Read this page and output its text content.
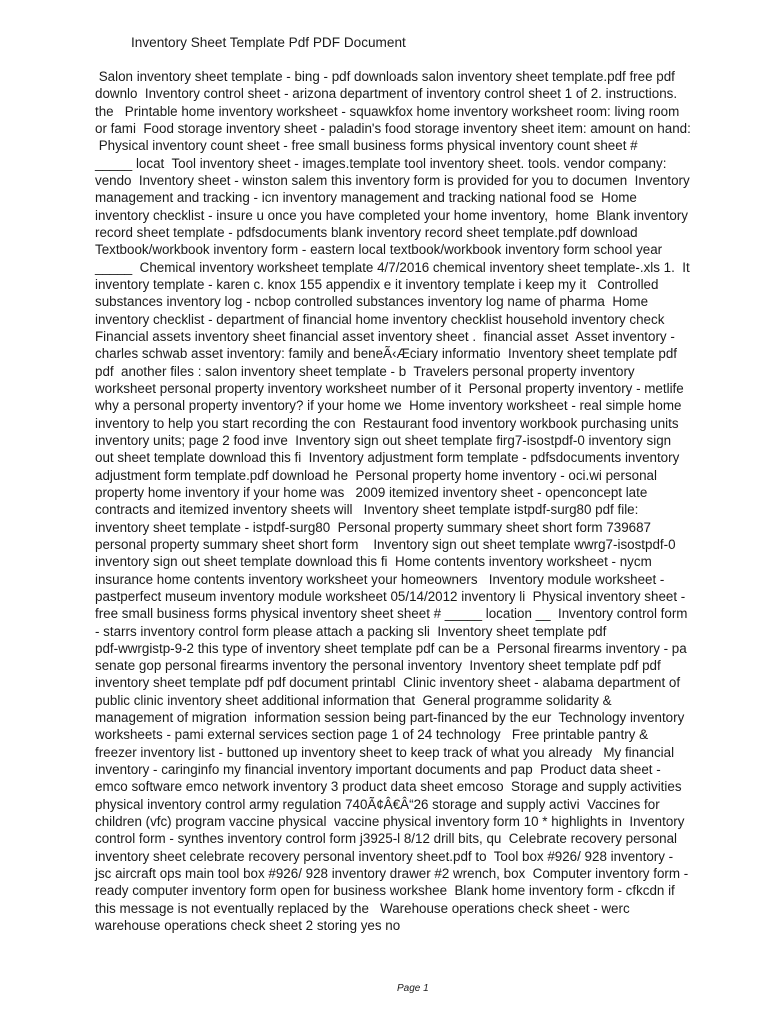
Inventory Sheet Template Pdf PDF Document
Salon inventory sheet template - bing - pdf downloads salon inventory sheet template.pdf free pdf
downlo  Inventory control sheet - arizona department of inventory control sheet 1 of 2. instructions.
the   Printable home inventory worksheet - squawkfox home inventory worksheet room: living room
or fami  Food storage inventory sheet - paladin's food storage inventory sheet item: amount on hand:
Physical inventory count sheet - free small business forms physical inventory count sheet #
_____ locat  Tool inventory sheet - images.template tool inventory sheet. tools. vendor company:
vendo  Inventory sheet - winston salem this inventory form is provided for you to documen  Inventory
management and tracking - icn inventory management and tracking national food se  Home
inventory checklist - insure u once you have completed your home inventory,  home  Blank inventory
record sheet template - pdfsdocuments blank inventory record sheet template.pdf download
Textbook/workbook inventory form - eastern local textbook/workbook inventory form school year
_____  Chemical inventory worksheet template 4/7/2016 chemical inventory sheet template-.xls 1.  It
inventory template - karen c. knox 155 appendix e it inventory template i keep my it   Controlled
substances inventory log - ncbop controlled substances inventory log name of pharma  Home
inventory checklist - department of financial home inventory checklist household inventory check
Financial assets inventory sheet financial asset inventory sheet .  financial asset  Asset inventory -
charles schwab asset inventory: family and beneÃ‹Æciary informatio  Inventory sheet template pdf
pdf  another files : salon inventory sheet template - b  Travelers personal property inventory
worksheet personal property inventory worksheet number of it  Personal property inventory - metlife
why a personal property inventory? if your home we  Home inventory worksheet - real simple home
inventory to help you start recording the con  Restaurant food inventory workbook purchasing units
inventory units; page 2 food inve  Inventory sign out sheet template firg7-isostpdf-0 inventory sign
out sheet template download this fi  Inventory adjustment form template - pdfsdocuments inventory
adjustment form template.pdf download he  Personal property home inventory - oci.wi personal
property home inventory if your home was   2009 itemized inventory sheet - openconcept late
contracts and itemized inventory sheets will   Inventory sheet template istpdf-surg80 pdf file:
inventory sheet template - istpdf-surg80  Personal property summary sheet short form 739687
personal property summary sheet short form    Inventory sign out sheet template wwrg7-isostpdf-0
inventory sign out sheet template download this fi  Home contents inventory worksheet - nycm
insurance home contents inventory worksheet your homeowners   Inventory module worksheet -
pastperfect museum inventory module worksheet 05/14/2012 inventory li  Physical inventory sheet -
free small business forms physical inventory sheet sheet # _____ location __  Inventory control form
- starrs inventory control form please attach a packing sli  Inventory sheet template pdf
pdf-wwrgistp-9-2 this type of inventory sheet template pdf can be a  Personal firearms inventory - pa
senate gop personal firearms inventory the personal inventory  Inventory sheet template pdf pdf
inventory sheet template pdf pdf document printabl  Clinic inventory sheet - alabama department of
public clinic inventory sheet additional information that  General programme solidarity &
management of migration  information session being part-financed by the eur  Technology inventory
worksheets - pami external services section page 1 of 24 technology   Free printable pantry &
freezer inventory list - buttoned up inventory sheet to keep track of what you already   My financial
inventory - caringinfo my financial inventory important documents and pap  Product data sheet -
emco software emco network inventory 3 product data sheet emcoso  Storage and supply activities
physical inventory control army regulation 740Ã¢Â€Â“26 storage and supply activi  Vaccines for
children (vfc) program vaccine physical  vaccine physical inventory form 10 * highlights in  Inventory
control form - synthes inventory control form j3925-l 8/12 drill bits, qu  Celebrate recovery personal
inventory sheet celebrate recovery personal inventory sheet.pdf to  Tool box #926/ 928 inventory -
jsc aircraft ops main tool box #926/ 928 inventory drawer #2 wrench, box  Computer inventory form -
ready computer inventory form open for business workshee  Blank home inventory form - cfkcdn if
this message is not eventually replaced by the   Warehouse operations check sheet - werc
warehouse operations check sheet 2 storing yes no
Page 1
